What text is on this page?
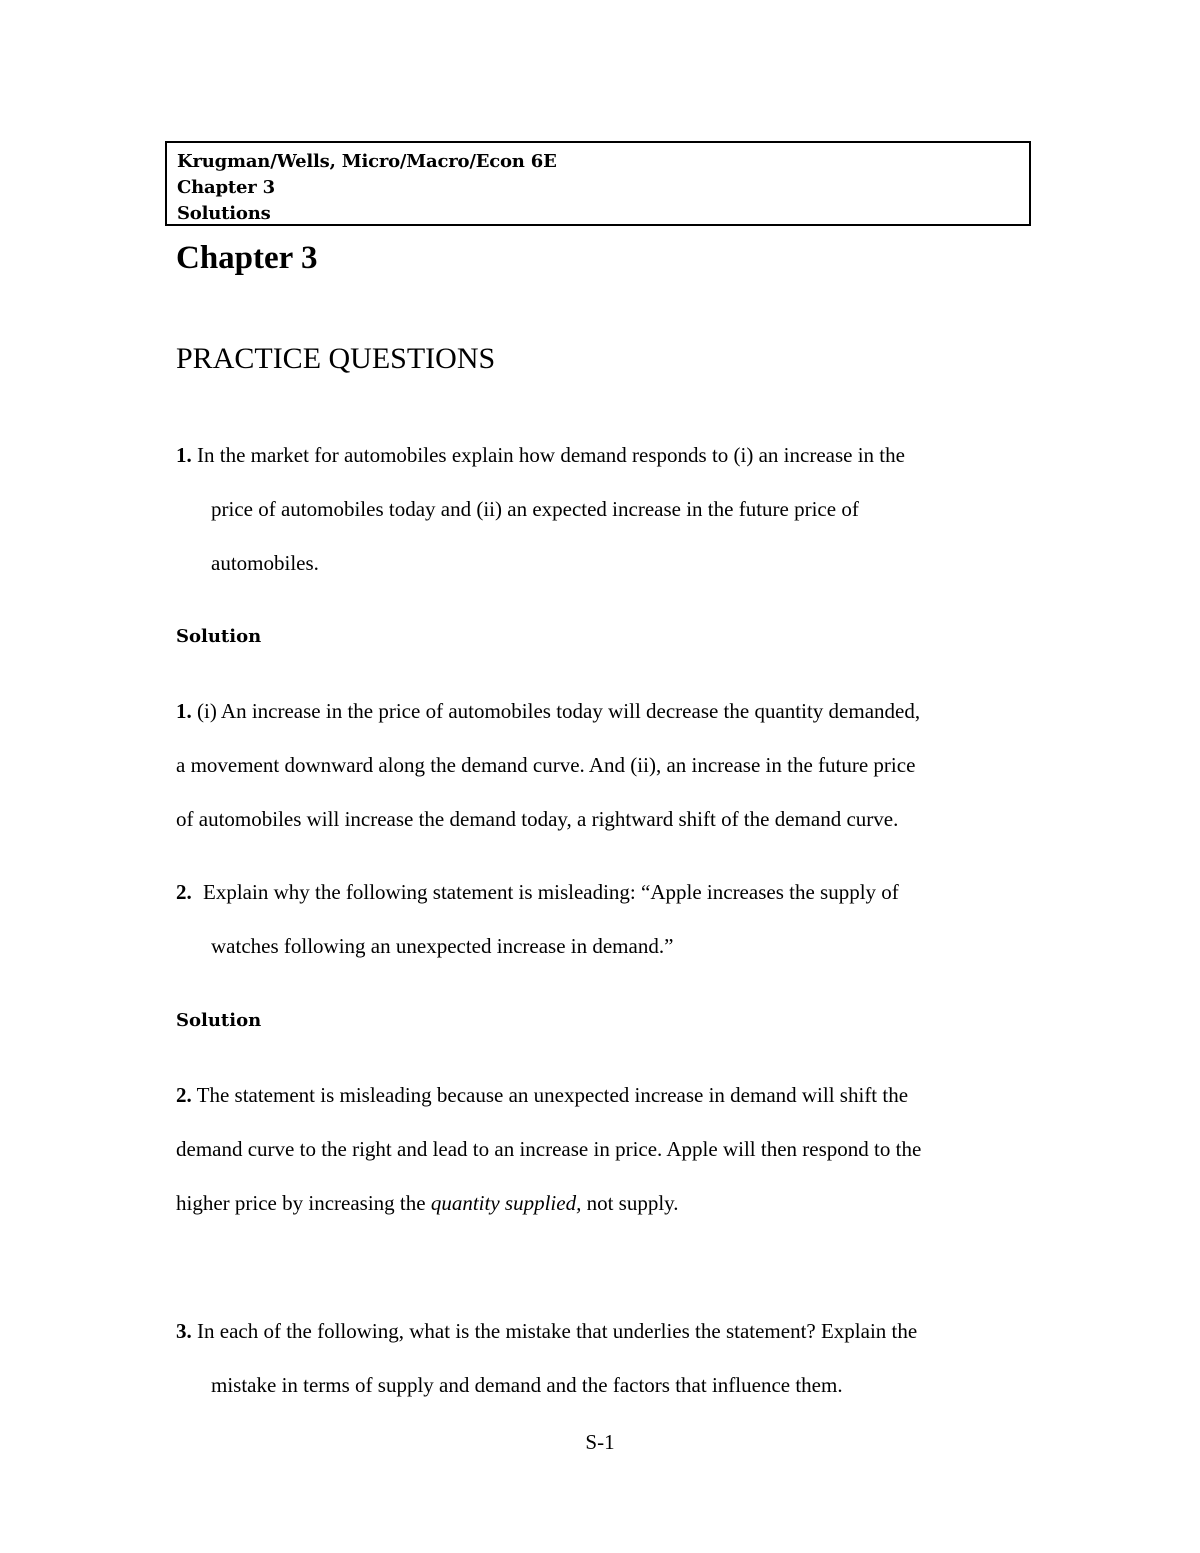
Krugman/Wells, Micro/Macro/Econ 6E
Chapter 3
Solutions
Chapter 3
PRACTICE QUESTIONS
1. In the market for automobiles explain how demand responds to (i) an increase in the
price of automobiles today and (ii) an expected increase in the future price of
automobiles.
Solution
1. (i) An increase in the price of automobiles today will decrease the quantity demanded,
a movement downward along the demand curve. And (ii), an increase in the future price
of automobiles will increase the demand today, a rightward shift of the demand curve.
2. Explain why the following statement is misleading: “Apple increases the supply of
watches following an unexpected increase in demand.”
Solution
2. The statement is misleading because an unexpected increase in demand will shift the
demand curve to the right and lead to an increase in price. Apple will then respond to the
higher price by increasing the quantity supplied, not supply.
3. In each of the following, what is the mistake that underlies the statement? Explain the
mistake in terms of supply and demand and the factors that influence them.
S-1
